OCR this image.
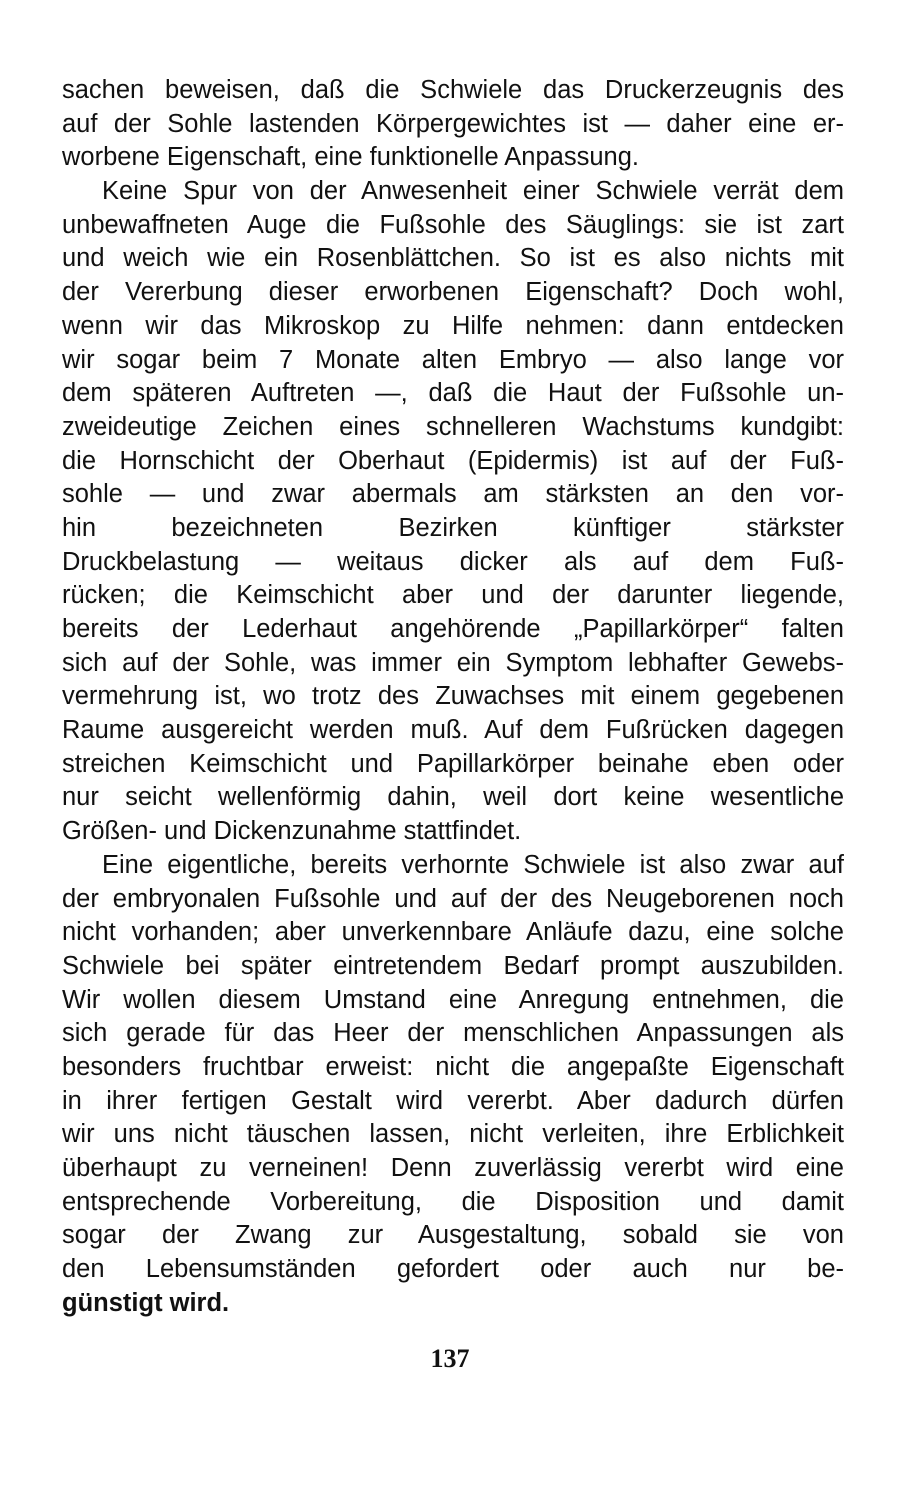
sachen beweisen, daß die Schwiele das Druckerzeugnis des
auf der Sohle lastenden Körpergewichtes ist — daher eine er-
worbene Eigenschaft, eine funktionelle Anpassung.
Keine Spur von der Anwesenheit einer Schwiele verrät dem
unbewaffneten Auge die Fußsohle des Säuglings: sie ist zart
und weich wie ein Rosenblättchen. So ist es also nichts mit
der Vererbung dieser erworbenen Eigenschaft? Doch wohl,
wenn wir das Mikroskop zu Hilfe nehmen: dann entdecken
wir sogar beim 7 Monate alten Embryo — also lange vor
dem späteren Auftreten —, daß die Haut der Fußsohle un-
zweideutige Zeichen eines schnelleren Wachstums kundgibt:
die Hornschicht der Oberhaut (Epidermis) ist auf der Fuß-
sohle — und zwar abermals am stärksten an den vor-
hin bezeichneten Bezirken künftiger stärkster
Druckbelastung — weitaus dicker als auf dem Fuß-
rücken; die Keimschicht aber und der darunter liegende,
bereits der Lederhaut angehörende „Papillarkörper“ falten
sich auf der Sohle, was immer ein Symptom lebhafter Gewebs-
vermehrung ist, wo trotz des Zuwachses mit einem gegebenen
Raume ausgereicht werden muß. Auf dem Fußrücken dagegen
streichen Keimschicht und Papillarkörper beinahe eben oder
nur seicht wellenförmig dahin, weil dort keine wesentliche
Größen- und Dickenzunahme stattfindet.
Eine eigentliche, bereits verhornte Schwiele ist also zwar auf
der embryonalen Fußsohle und auf der des Neugeborenen noch
nicht vorhanden; aber unverkennbare Anläufe dazu, eine solche
Schwiele bei später eintretendem Bedarf prompt auszubilden.
Wir wollen diesem Umstand eine Anregung entnehmen, die
sich gerade für das Heer der menschlichen Anpassungen als
besonders fruchtbar erweist: nicht die angepaßte Eigenschaft
in ihrer fertigen Gestalt wird vererbt. Aber dadurch dürfen
wir uns nicht täuschen lassen, nicht verleiten, ihre Erblichkeit
überhaupt zu verneinen! Denn zuverlässig vererbt wird eine
entsprechende Vorbereitung, die Disposition und damit
sogar der Zwang zur Ausgestaltung, sobald sie von
den Lebensumständen gefordert oder auch nur be-
günstigt wird.
137
